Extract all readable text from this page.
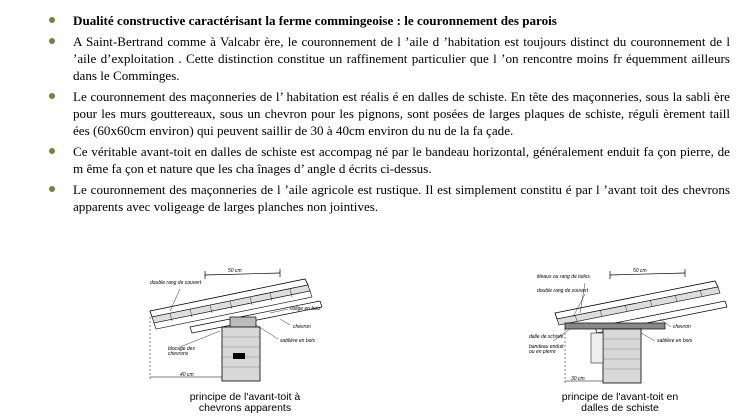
Dualité constructive caractérisant la ferme commingeoise : le couronnement des parois

A Saint-Bertrand comme à Valcabr ère, le couronnement de l ’aile d ’habitation est toujours distinct du couronnement de l ’aile d’exploitation . Cette distinction constitue un raffinement particulier que l ’on rencontre moins fr équemment ailleurs dans le Comminges.

Le couronnement des maçonneries de l’ habitation est réalis é en dalles de schiste. En tête des maçonneries, sous la sabli ère pour les murs gouttereaux, sous un chevron pour les pignons, sont posées de larges plaques de schiste, réguli èrement taill ées (60x60cm environ) qui peuvent saillir de 30 à 40cm environ du nu de la fa çade.

Ce véritable avant-toit en dalles de schiste est accompag né par le bandeau horizontal, généralement enduit fa çon pierre, de m ême fa çon et nature que les cha înages d’ angle d écrits ci-dessus.

Le couronnement des maçonneries de l ’aile agricole est rustique. Il est simplement constitu é par l ’avant toit des chevrons apparents avec voligeage de larges planches non jointives.

50 cm
double rang de couvert
volige en bois
chevron
sablière en bois
blocage des chevrons
40 cm
principe de l'avant-toit à
chevrons apparents
50 cm
liteaux ou rang de tuiles
double rang de couvert
chevron
dalle de schiste
bandeau enduit ou en pierre
sablière en bois
30 cm
principe de l'avant-toit en
dalles de schiste
